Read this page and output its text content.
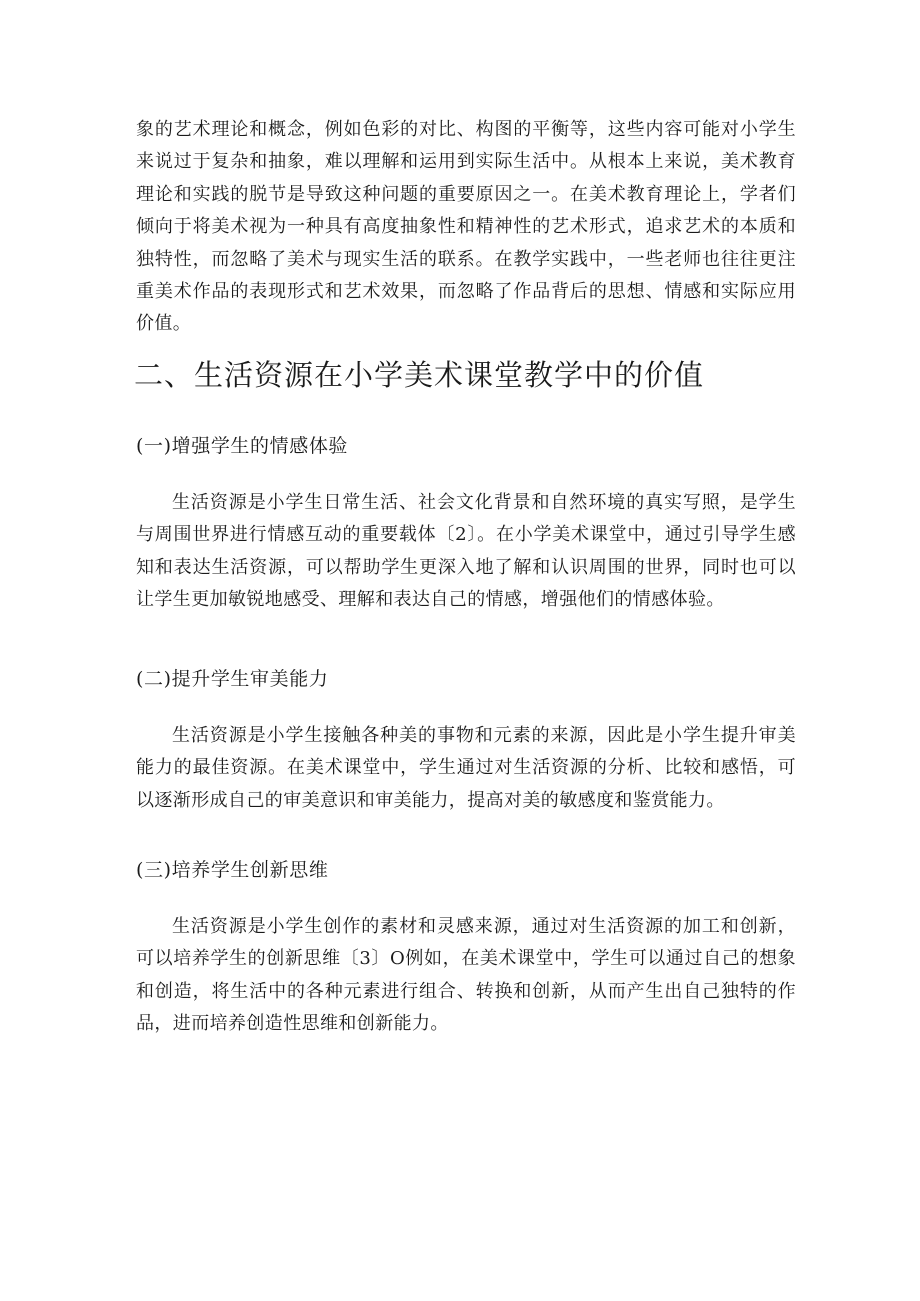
象的艺术理论和概念，例如色彩的对比、构图的平衡等，这些内容可能对小学生来说过于复杂和抽象，难以理解和运用到实际生活中。从根本上来说，美术教育理论和实践的脱节是导致这种问题的重要原因之一。在美术教育理论上，学者们倾向于将美术视为一种具有高度抽象性和精神性的艺术形式，追求艺术的本质和独特性，而忽略了美术与现实生活的联系。在教学实践中，一些老师也往往更注重美术作品的表现形式和艺术效果，而忽略了作品背后的思想、情感和实际应用价值。

二、生活资源在小学美术课堂教学中的价值
(一)增强学生的情感体验

生活资源是小学生日常生活、社会文化背景和自然环境的真实写照，是学生与周围世界进行情感互动的重要载体〔2〕。在小学美术课堂中，通过引导学生感知和表达生活资源，可以帮助学生更深入地了解和认识周围的世界，同时也可以让学生更加敏锐地感受、理解和表达自己的情感，增强他们的情感体验。

(二)提升学生审美能力

生活资源是小学生接触各种美的事物和元素的来源，因此是小学生提升审美能力的最佳资源。在美术课堂中，学生通过对生活资源的分析、比较和感悟，可以逐渐形成自己的审美意识和审美能力，提高对美的敏感度和鉴赏能力。

(三)培养学生创新思维

生活资源是小学生创作的素材和灵感来源，通过对生活资源的加工和创新，可以培养学生的创新思维〔3〕O例如，在美术课堂中，学生可以通过自己的想象和创造，将生活中的各种元素进行组合、转换和创新，从而产生出自己独特的作品，进而培养创造性思维和创新能力。
